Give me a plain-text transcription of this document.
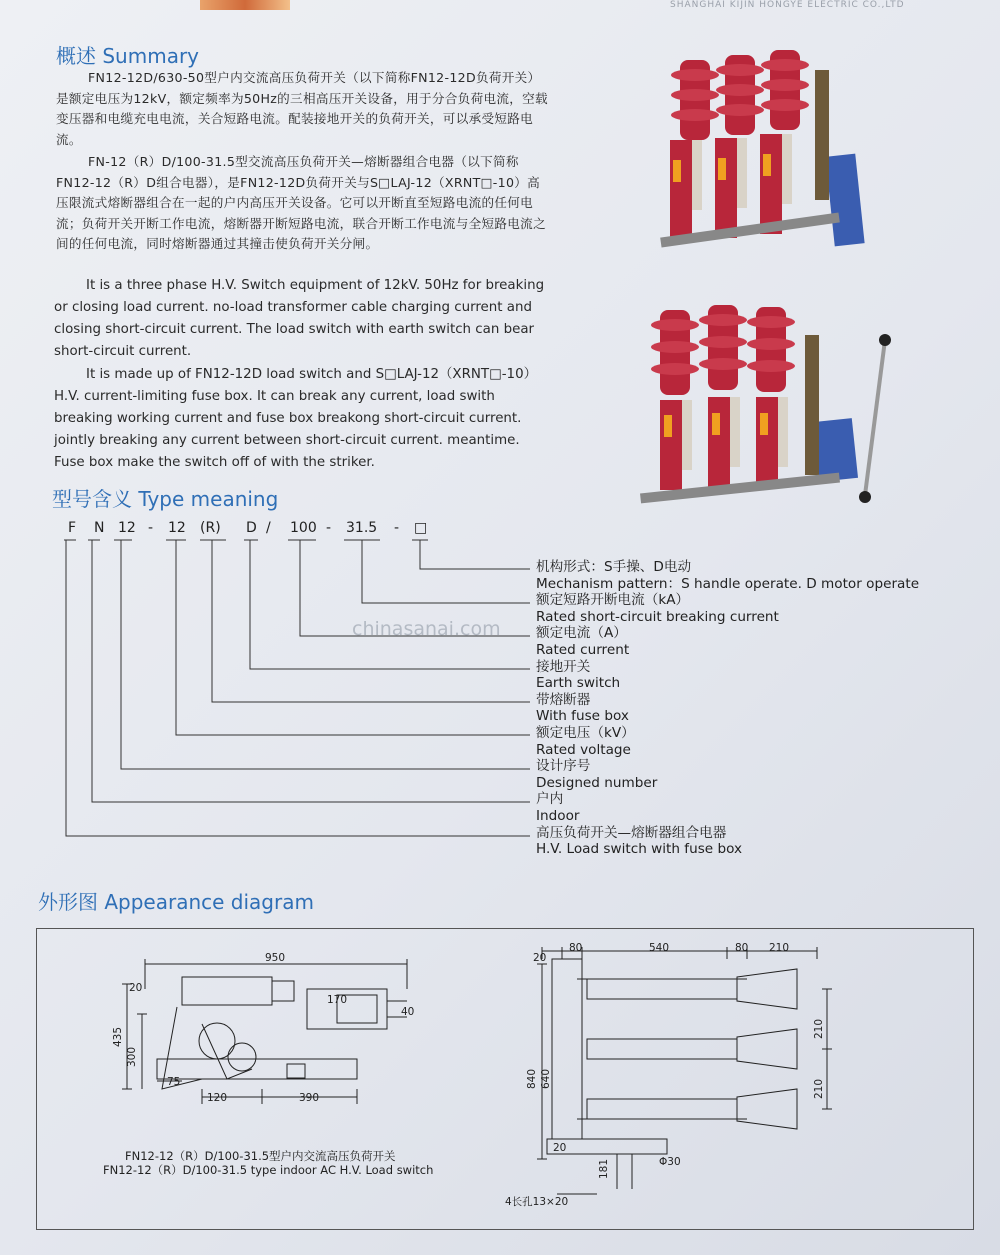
SHANGHAI KIJIN HONGYE ELECTRIC CO.,LTD
概述 Summary

FN12-12D/630-50型户内交流高压负荷开关（以下简称FN12-12D负荷开关）是额定电压为12kV，额定频率为50Hz的三相高压开关设备，用于分合负荷电流，空载变压器和电缆充电电流，关合短路电流。配装接地开关的负荷开关，可以承受短路电流。

FN-12（R）D/100-31.5型交流高压负荷开关—熔断器组合电器（以下简称FN12-12（R）D组合电器），是FN12-12D负荷开关与S□LAJ-12（XRNT□-10）高压限流式熔断器组合在一起的户内高压开关设备。它可以开断直至短路电流的任何电流；负荷开关开断工作电流，熔断器开断短路电流，联合开断工作电流与全短路电流之间的任何电流，同时熔断器通过其撞击使负荷开关分闸。

It is a three phase H.V. Switch equipment of 12kV. 50Hz for breaking or closing load current. no-load transformer cable charging current and closing short-circuit current. The load switch with earth switch can bear short-circuit current.

It is made up of FN12-12D load switch and S□LAJ-12（XRNT□-10）H.V. current-limiting fuse box. It can break any current, load swith breaking working current and fuse box breakong short-circuit current. jointly breaking any current between short-circuit current. meantime. Fuse box make the switch off of with the striker.

型号含义 Type meaning
F N 12 - 12 (R) D / 100 - 31.5 - □
机构形式：S手操、D电动
Mechanism pattern：S handle operate. D motor operate
额定短路开断电流（kA）
Rated short-circuit breaking current
额定电流（A）
Rated current
接地开关
Earth switch
带熔断器
With fuse box
额定电压（kV）
Rated voltage
设计序号
Designed number
户内
Indoor
高压负荷开关—熔断器组合电器
H.V. Load switch with fuse box
chinasanai.com
外形图 Appearance diagram
950
20
170
40
435
300
75
120	390
20
80	540	80 210
210
210
840 640
20
181	Φ30
4长孔13×20
FN12-12（R）D/100-31.5型户内交流高压负荷开关
FN12-12（R）D/100-31.5 type indoor AC H.V. Load switch
